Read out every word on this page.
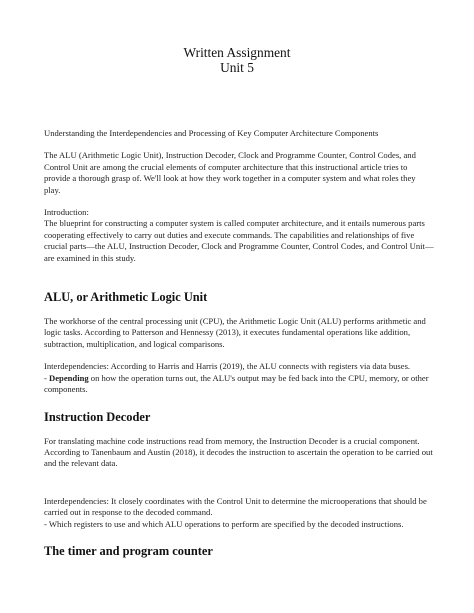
Written Assignment
Unit 5

Understanding the Interdependencies and Processing of Key Computer Architecture Components

The ALU (Arithmetic Logic Unit), Instruction Decoder, Clock and Programme Counter, Control Codes, and Control Unit are among the crucial elements of computer architecture that this instructional article tries to provide a thorough grasp of. We'll look at how they work together in a computer system and what roles they play.

Introduction:

The blueprint for constructing a computer system is called computer architecture, and it entails numerous parts cooperating effectively to carry out duties and execute commands. The capabilities and relationships of five crucial parts—the ALU, Instruction Decoder, Clock and Programme Counter, Control Codes, and Control Unit—are examined in this study.

ALU, or Arithmetic Logic Unit

The workhorse of the central processing unit (CPU), the Arithmetic Logic Unit (ALU) performs arithmetic and logic tasks. According to Patterson and Hennessy (2013), it executes fundamental operations like addition, subtraction, multiplication, and logical comparisons.

Interdependencies: According to Harris and Harris (2019), the ALU connects with registers via data buses.

- Depending on how the operation turns out, the ALU's output may be fed back into the CPU, memory, or other components.

Instruction Decoder

For translating machine code instructions read from memory, the Instruction Decoder is a crucial component. According to Tanenbaum and Austin (2018), it decodes the instruction to ascertain the operation to be carried out and the relevant data.

Interdependencies: It closely coordinates with the Control Unit to determine the microoperations that should be carried out in response to the decoded command.

- Which registers to use and which ALU operations to perform are specified by the decoded instructions.

The timer and program counter
